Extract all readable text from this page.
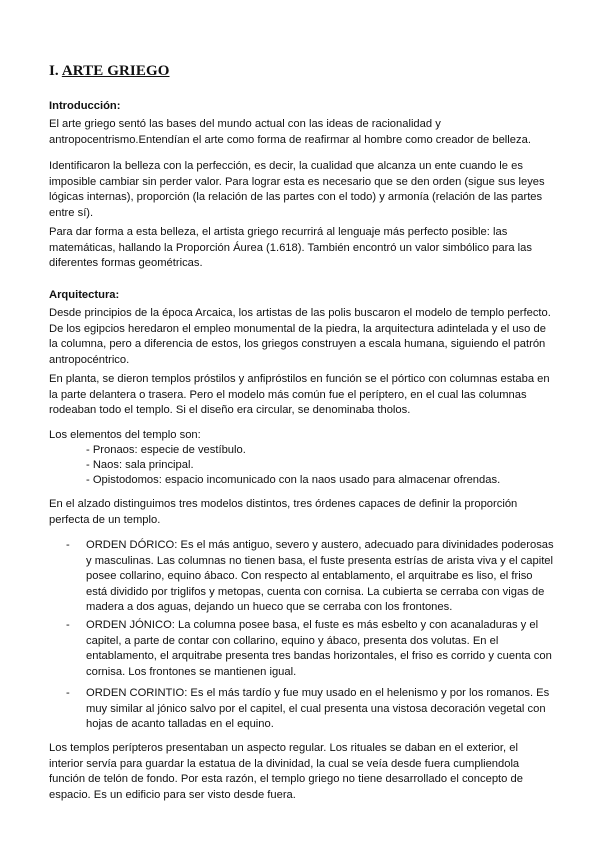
I. ARTE GRIEGO

Introducción:

El arte griego sentó las bases del mundo actual con las ideas de racionalidad y antropocentrismo.Entendían el arte como forma de reafirmar al hombre como creador de belleza.

Identificaron la belleza con la perfección, es decir, la cualidad que alcanza un ente cuando le es imposible cambiar sin perder valor. Para lograr esta es necesario que se den orden (sigue sus leyes lógicas internas), proporción (la relación de las partes con el todo) y armonía (relación de las partes entre sí).

Para dar forma a esta belleza, el artista griego recurrirá al lenguaje más perfecto posible: las matemáticas, hallando la Proporción Áurea (1.618). También encontró un valor simbólico para las diferentes formas geométricas.

Arquitectura:

Desde principios de la época Arcaica, los artistas de las polis buscaron el modelo de templo perfecto. De los egipcios heredaron el empleo monumental de la piedra, la arquitectura adintelada y el uso de la columna, pero a diferencia de estos, los griegos construyen a escala humana, siguiendo el patrón antropocéntrico.

En planta, se dieron templos próstilos y anfipróstilos en función se el pórtico con columnas estaba en la parte delantera o trasera. Pero el modelo más común fue el períptero, en el cual las columnas rodeaban todo el templo. Si el diseño era circular, se denominaba tholos.

Los elementos del templo son:

- Pronaos: especie de vestíbulo.

- Naos: sala principal.

- Opistodomos: espacio incomunicado con la naos usado para almacenar ofrendas.

En el alzado distinguimos tres modelos distintos, tres órdenes capaces de definir la proporción perfecta de un templo.

- ORDEN DÓRICO: Es el más antiguo, severo y austero, adecuado para divinidades poderosas y masculinas. Las columnas no tienen basa, el fuste presenta estrías de arista viva y el capitel posee collarino, equino ábaco. Con respecto al entablamento, el arquitrabe es liso, el friso está dividido por triglifos y metopas, cuenta con cornisa. La cubierta se cerraba con vigas de madera a dos aguas, dejando un hueco que se cerraba con los frontones.

- ORDEN JÓNICO: La columna posee basa, el fuste es más esbelto y con acanaladuras y el capitel, a parte de contar con collarino, equino y ábaco, presenta dos volutas. En el entablamento, el arquitrabe presenta tres bandas horizontales, el friso es corrido y cuenta con cornisa. Los frontones se mantienen igual.

- ORDEN CORINTIO: Es el más tardío y fue muy usado en el helenismo y por los romanos. Es muy similar al jónico salvo por el capitel, el cual presenta una vistosa decoración vegetal con hojas de acanto talladas en el equino.

Los templos perípteros presentaban un aspecto regular. Los rituales se daban en el exterior, el interior servía para guardar la estatua de la divinidad, la cual se veía desde fuera cumpliendola función de telón de fondo. Por esta razón, el templo griego no tiene desarrollado el concepto de espacio. Es un edificio para ser visto desde fuera.
